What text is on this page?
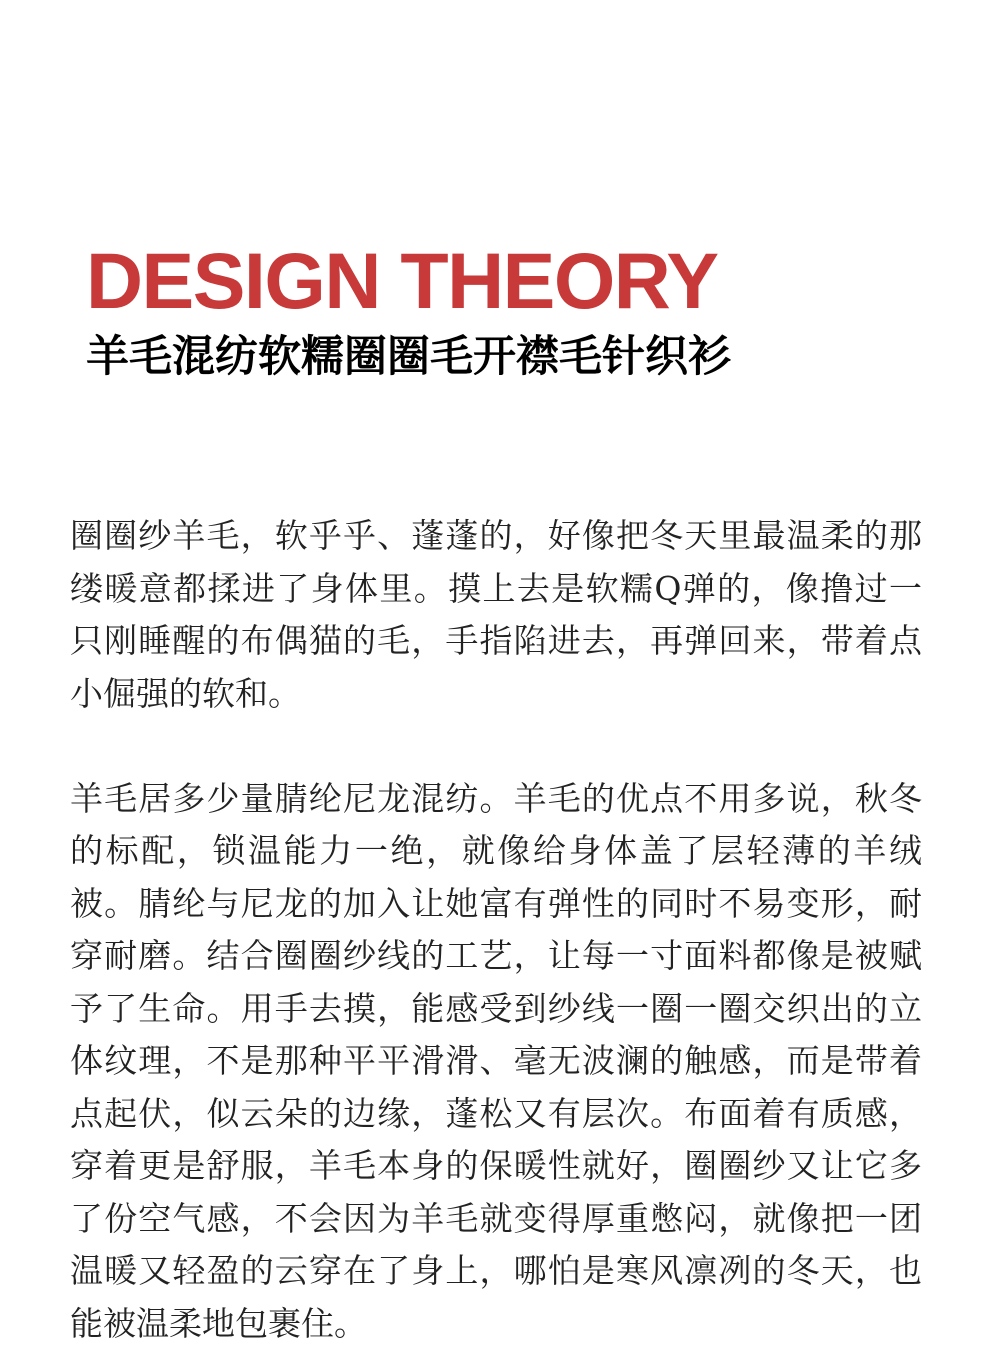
DESIGN THEORY
羊毛混纺软糯圈圈毛开襟毛针织衫

圈圈纱羊毛，软乎乎、蓬蓬的，好像把冬天里最温柔的那缕暖意都揉进了身体里。摸上去是软糯Q弹的，像撸过一只刚睡醒的布偶猫的毛，手指陷进去，再弹回来，带着点小倔强的软和。

羊毛居多少量腈纶尼龙混纺。羊毛的优点不用多说，秋冬的标配，锁温能力一绝，就像给身体盖了层轻薄的羊绒被。腈纶与尼龙的加入让她富有弹性的同时不易变形，耐穿耐磨。结合圈圈纱线的工艺，让每一寸面料都像是被赋予了生命。用手去摸，能感受到纱线一圈一圈交织出的立体纹理，不是那种平平滑滑、毫无波澜的触感，而是带着点起伏，似云朵的边缘，蓬松又有层次。布面着有质感，穿着更是舒服，羊毛本身的保暖性就好，圈圈纱又让它多了份空气感，不会因为羊毛就变得厚重憋闷，就像把一团温暖又轻盈的云穿在了身上，哪怕是寒风凛冽的冬天，也能被温柔地包裹住。
